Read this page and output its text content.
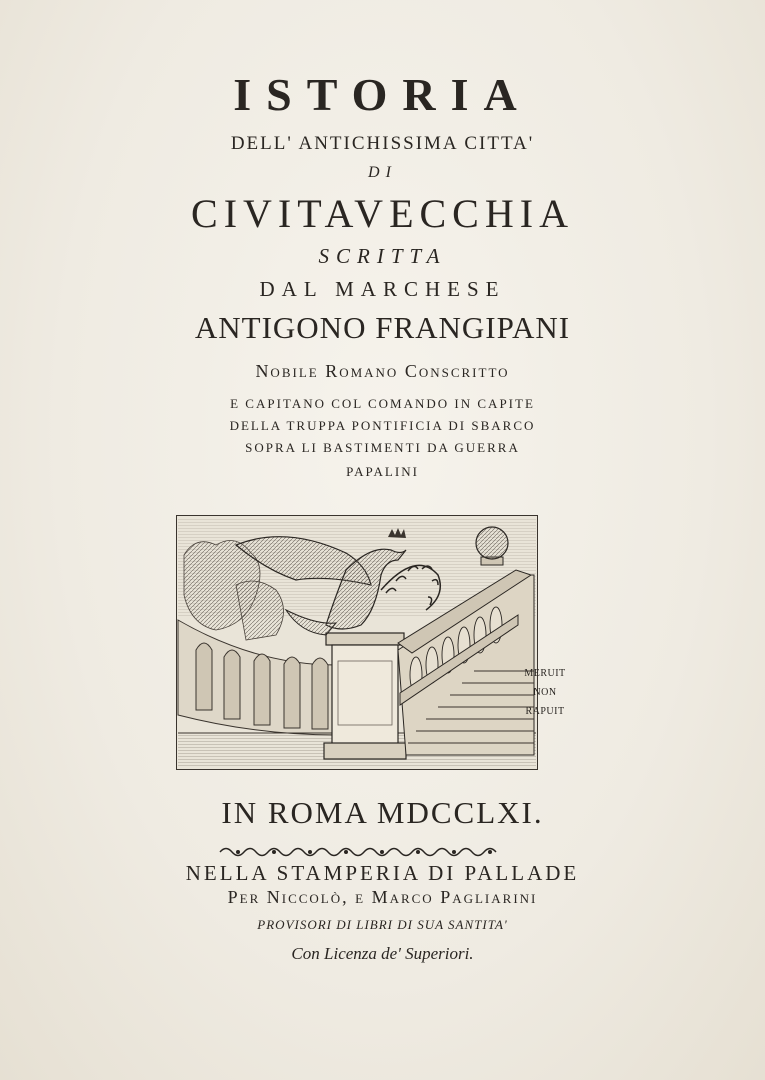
ISTORIA
DELL' ANTICHISSIMA CITTA'
DI
CIVITAVECCHIA
SCRITTA
DAL MARCHESE
ANTIGONO FRANGIPANI
Nobile Romano Conscritto
E CAPITANO COL COMANDO IN CAPITE
DELLA TRUPPA PONTIFICIA DI SBARCO
SOPRA LI BASTIMENTI DA GUERRA
PAPALINI
MERUIT
NON
RAPUIT
IN ROMA MDCCLXI.
NELLA STAMPERIA DI PALLADE
Per Niccolò, e Marco Pagliarini
PROVISORI DI LIBRI DI SUA SANTITA'
Con Licenza de' Superiori.
